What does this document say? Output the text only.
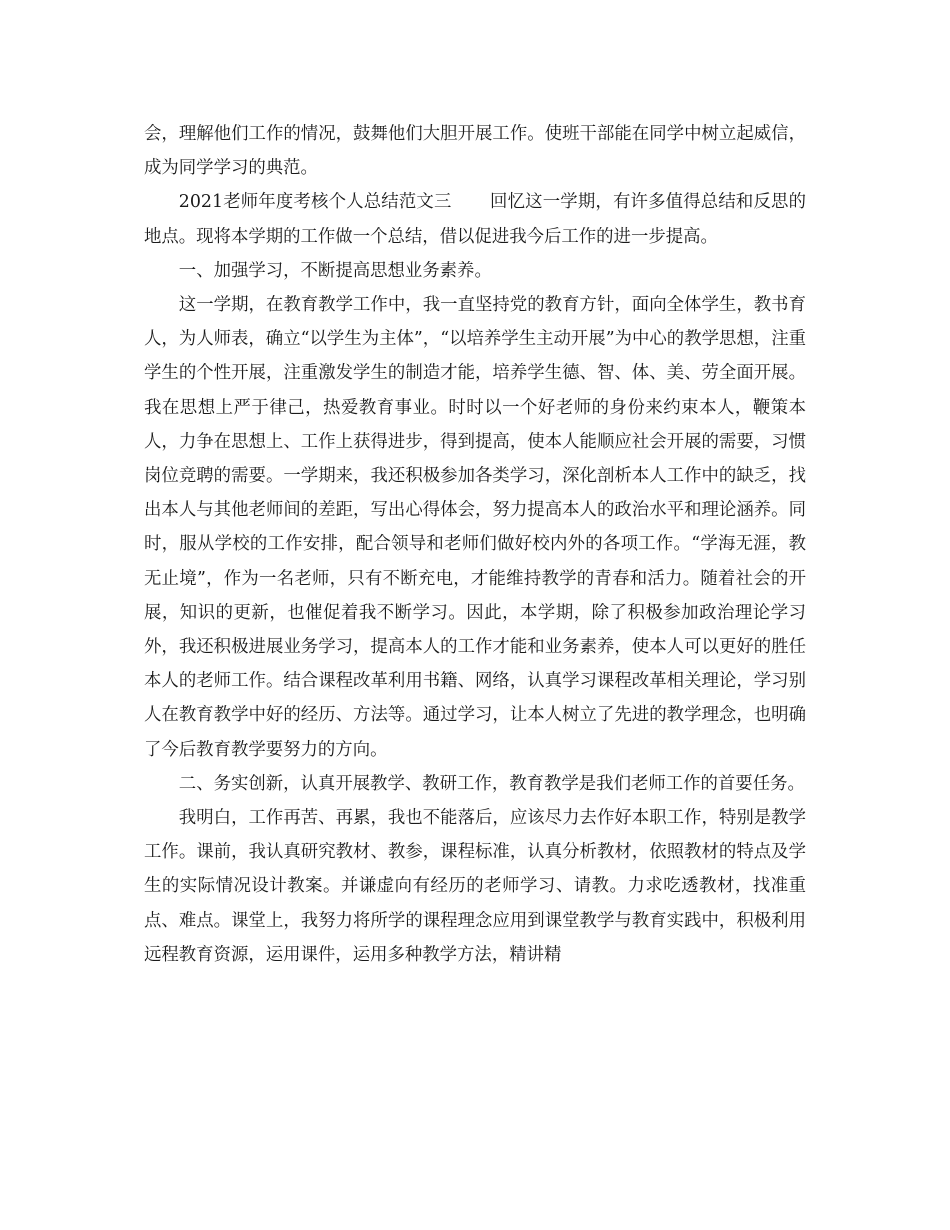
会，理解他们工作的情况，鼓舞他们大胆开展工作。使班干部能在同学中树立起威信，成为同学学习的典范。

2021老师年度考核个人总结范文三 回忆这一学期，有许多值得总结和反思的地点。现将本学期的工作做一个总结，借以促进我今后工作的进一步提高。

一、加强学习，不断提高思想业务素养。

这一学期，在教育教学工作中，我一直坚持党的教育方针，面向全体学生，教书育人，为人师表，确立“以学生为主体”，“以培养学生主动开展”为中心的教学思想，注重学生的个性开展，注重激发学生的制造才能，培养学生德、智、体、美、劳全面开展。我在思想上严于律己，热爱教育事业。时时以一个好老师的身份来约束本人，鞭策本人，力争在思想上、工作上获得进步，得到提高，使本人能顺应社会开展的需要，习惯岗位竞聘的需要。一学期来，我还积极参加各类学习，深化剖析本人工作中的缺乏，找出本人与其他老师间的差距，写出心得体会，努力提高本人的政治水平和理论涵养。同时，服从学校的工作安排，配合领导和老师们做好校内外的各项工作。“学海无涯，教无止境”，作为一名老师，只有不断充电，才能维持教学的青春和活力。随着社会的开展，知识的更新，也催促着我不断学习。因此，本学期，除了积极参加政治理论学习外，我还积极进展业务学习，提高本人的工作才能和业务素养，使本人可以更好的胜任本人的老师工作。结合课程改革利用书籍、网络，认真学习课程改革相关理论，学习别人在教育教学中好的经历、方法等。通过学习，让本人树立了先进的教学理念，也明确了今后教育教学要努力的方向。

二、务实创新，认真开展教学、教研工作，教育教学是我们老师工作的首要任务。

我明白，工作再苦、再累，我也不能落后，应该尽力去作好本职工作，特别是教学工作。课前，我认真研究教材、教参，课程标准，认真分析教材，依照教材的特点及学生的实际情况设计教案。并谦虚向有经历的老师学习、请教。力求吃透教材，找准重点、难点。课堂上，我努力将所学的课程理念应用到课堂教学与教育实践中，积极利用远程教育资源，运用课件，运用多种教学方法，精讲精
